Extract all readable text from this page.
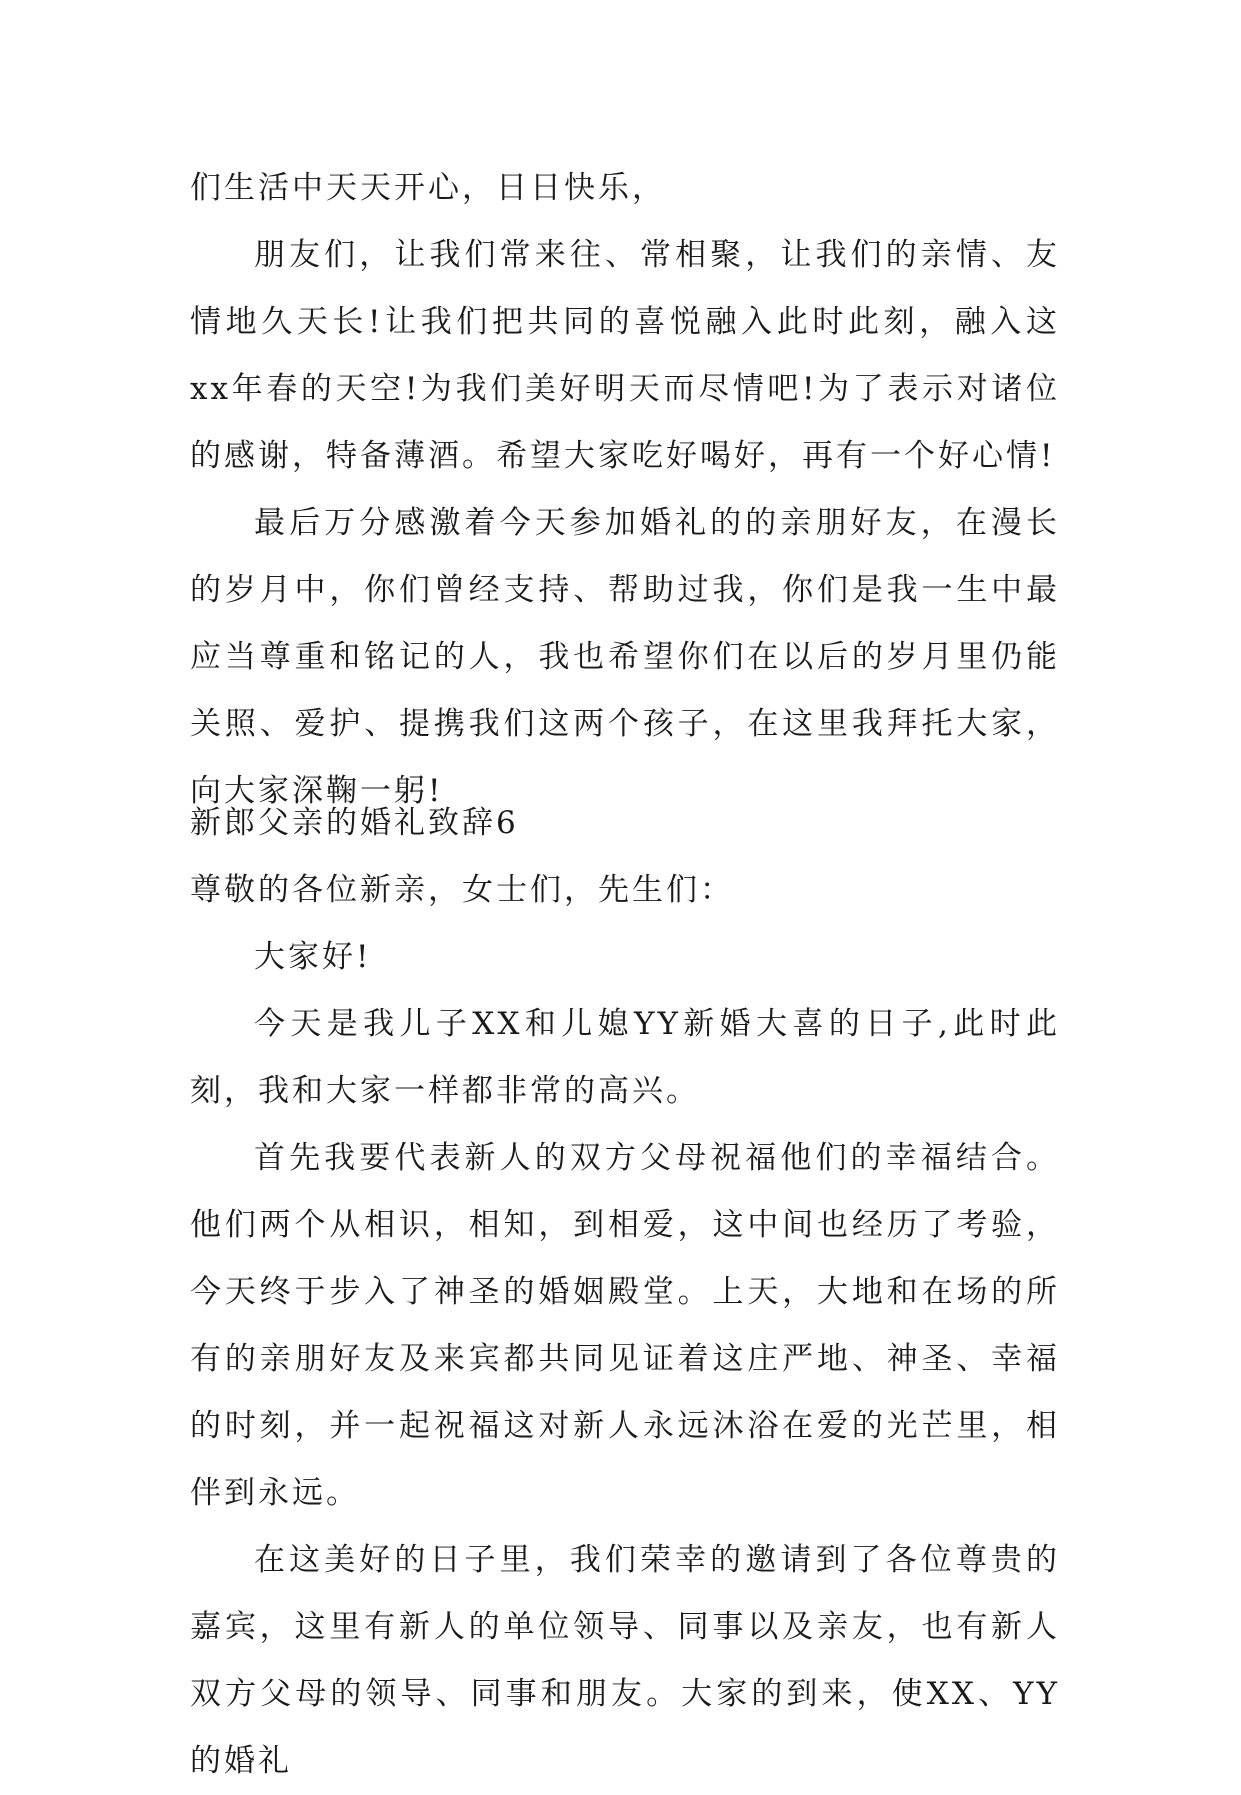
们生活中天天开心，日日快乐，

朋友们，让我们常来往、常相聚，让我们的亲情、友情地久天长!让我们把共同的喜悦融入此时此刻，融入这xx年春的天空!为我们美好明天而尽情吧!为了表示对诸位的感谢，特备薄酒。希望大家吃好喝好，再有一个好心情!

最后万分感激着今天参加婚礼的的亲朋好友，在漫长的岁月中，你们曾经支持、帮助过我，你们是我一生中最应当尊重和铭记的人，我也希望你们在以后的岁月里仍能关照、爱护、提携我们这两个孩子，在这里我拜托大家，向大家深鞠一躬!

新郎父亲的婚礼致辞6

尊敬的各位新亲，女士们，先生们：

大家好!

今天是我儿子XX和儿媳YY新婚大喜的日子,此时此刻，我和大家一样都非常的高兴。

首先我要代表新人的双方父母祝福他们的幸福结合。他们两个从相识，相知，到相爱，这中间也经历了考验，今天终于步入了神圣的婚姻殿堂。上天，大地和在场的所有的亲朋好友及来宾都共同见证着这庄严地、神圣、幸福的时刻，并一起祝福这对新人永远沐浴在爱的光芒里，相伴到永远。

在这美好的日子里，我们荣幸的邀请到了各位尊贵的嘉宾，这里有新人的单位领导、同事以及亲友，也有新人双方父母的领导、同事和朋友。大家的到来，使XX、YY的婚礼
